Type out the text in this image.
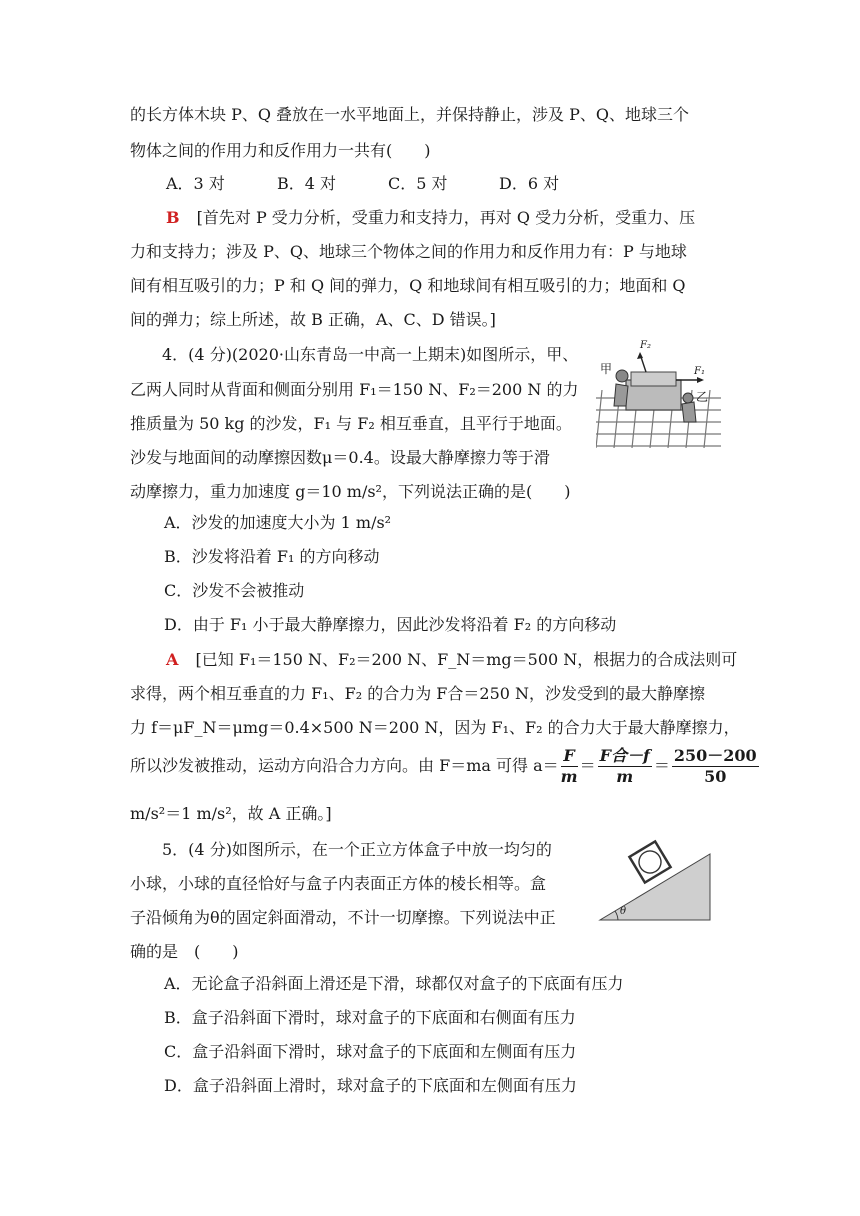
的长方体木块 P、Q 叠放在一水平地面上，并保持静止，涉及 P、Q、地球三个
物体之间的作用力和反作用力一共有(　　)
A．3 对	B．4 对	C．5 对	D．6 对
B [首先对 P 受力分析，受重力和支持力，再对 Q 受力分析，受重力、压
力和支持力；涉及 P、Q、地球三个物体之间的作用力和反作用力有：P 与地球
间有相互吸引的力；P 和 Q 间的弹力，Q 和地球间有相互吸引的力；地面和 Q
间的弹力；综上所述，故 B 正确，A、C、D 错误。]
4．(4 分)(2020·山东青岛一中高一上期末)如图所示，甲、
乙两人同时从背面和侧面分别用 F₁＝150 N、F₂＝200 N 的力
推质量为 50 kg 的沙发，F₁ 与 F₂ 相互垂直，且平行于地面。
沙发与地面间的动摩擦因数μ＝0.4。设最大静摩擦力等于滑
动摩擦力，重力加速度 g＝10 m/s²，下列说法正确的是(　　)
F₂
F₁
甲
乙
A．沙发的加速度大小为 1 m/s²
B．沙发将沿着 F₁ 的方向移动
C．沙发不会被推动
D．由于 F₁ 小于最大静摩擦力，因此沙发将沿着 F₂ 的方向移动
A [已知 F₁＝150 N、F₂＝200 N、F_N＝mg＝500 N，根据力的合成法则可
求得，两个相互垂直的力 F₁、F₂ 的合力为 F合＝250 N，沙发受到的最大静摩擦
力 f＝μF_N＝μmg＝0.4×500 N＝200 N，因为 F₁、F₂ 的合力大于最大静摩擦力，
所以沙发被推动，运动方向沿合力方向。由 F＝ma 可得 $a= \frac{F}{m} = \frac{\text{F合－f}}{m} = \frac{250-200}{50}$
m/s²＝1 m/s²，故 A 正确。]
5．(4 分)如图所示，在一个正立方体盒子中放一均匀的
小球，小球的直径恰好与盒子内表面正方体的棱长相等。盒
子沿倾角为θ的固定斜面滑动，不计一切摩擦。下列说法中正
确的是　(　　)
θ
A．无论盒子沿斜面上滑还是下滑，球都仅对盒子的下底面有压力
B．盒子沿斜面下滑时，球对盒子的下底面和右侧面有压力
C．盒子沿斜面下滑时，球对盒子的下底面和左侧面有压力
D．盒子沿斜面上滑时，球对盒子的下底面和左侧面有压力
